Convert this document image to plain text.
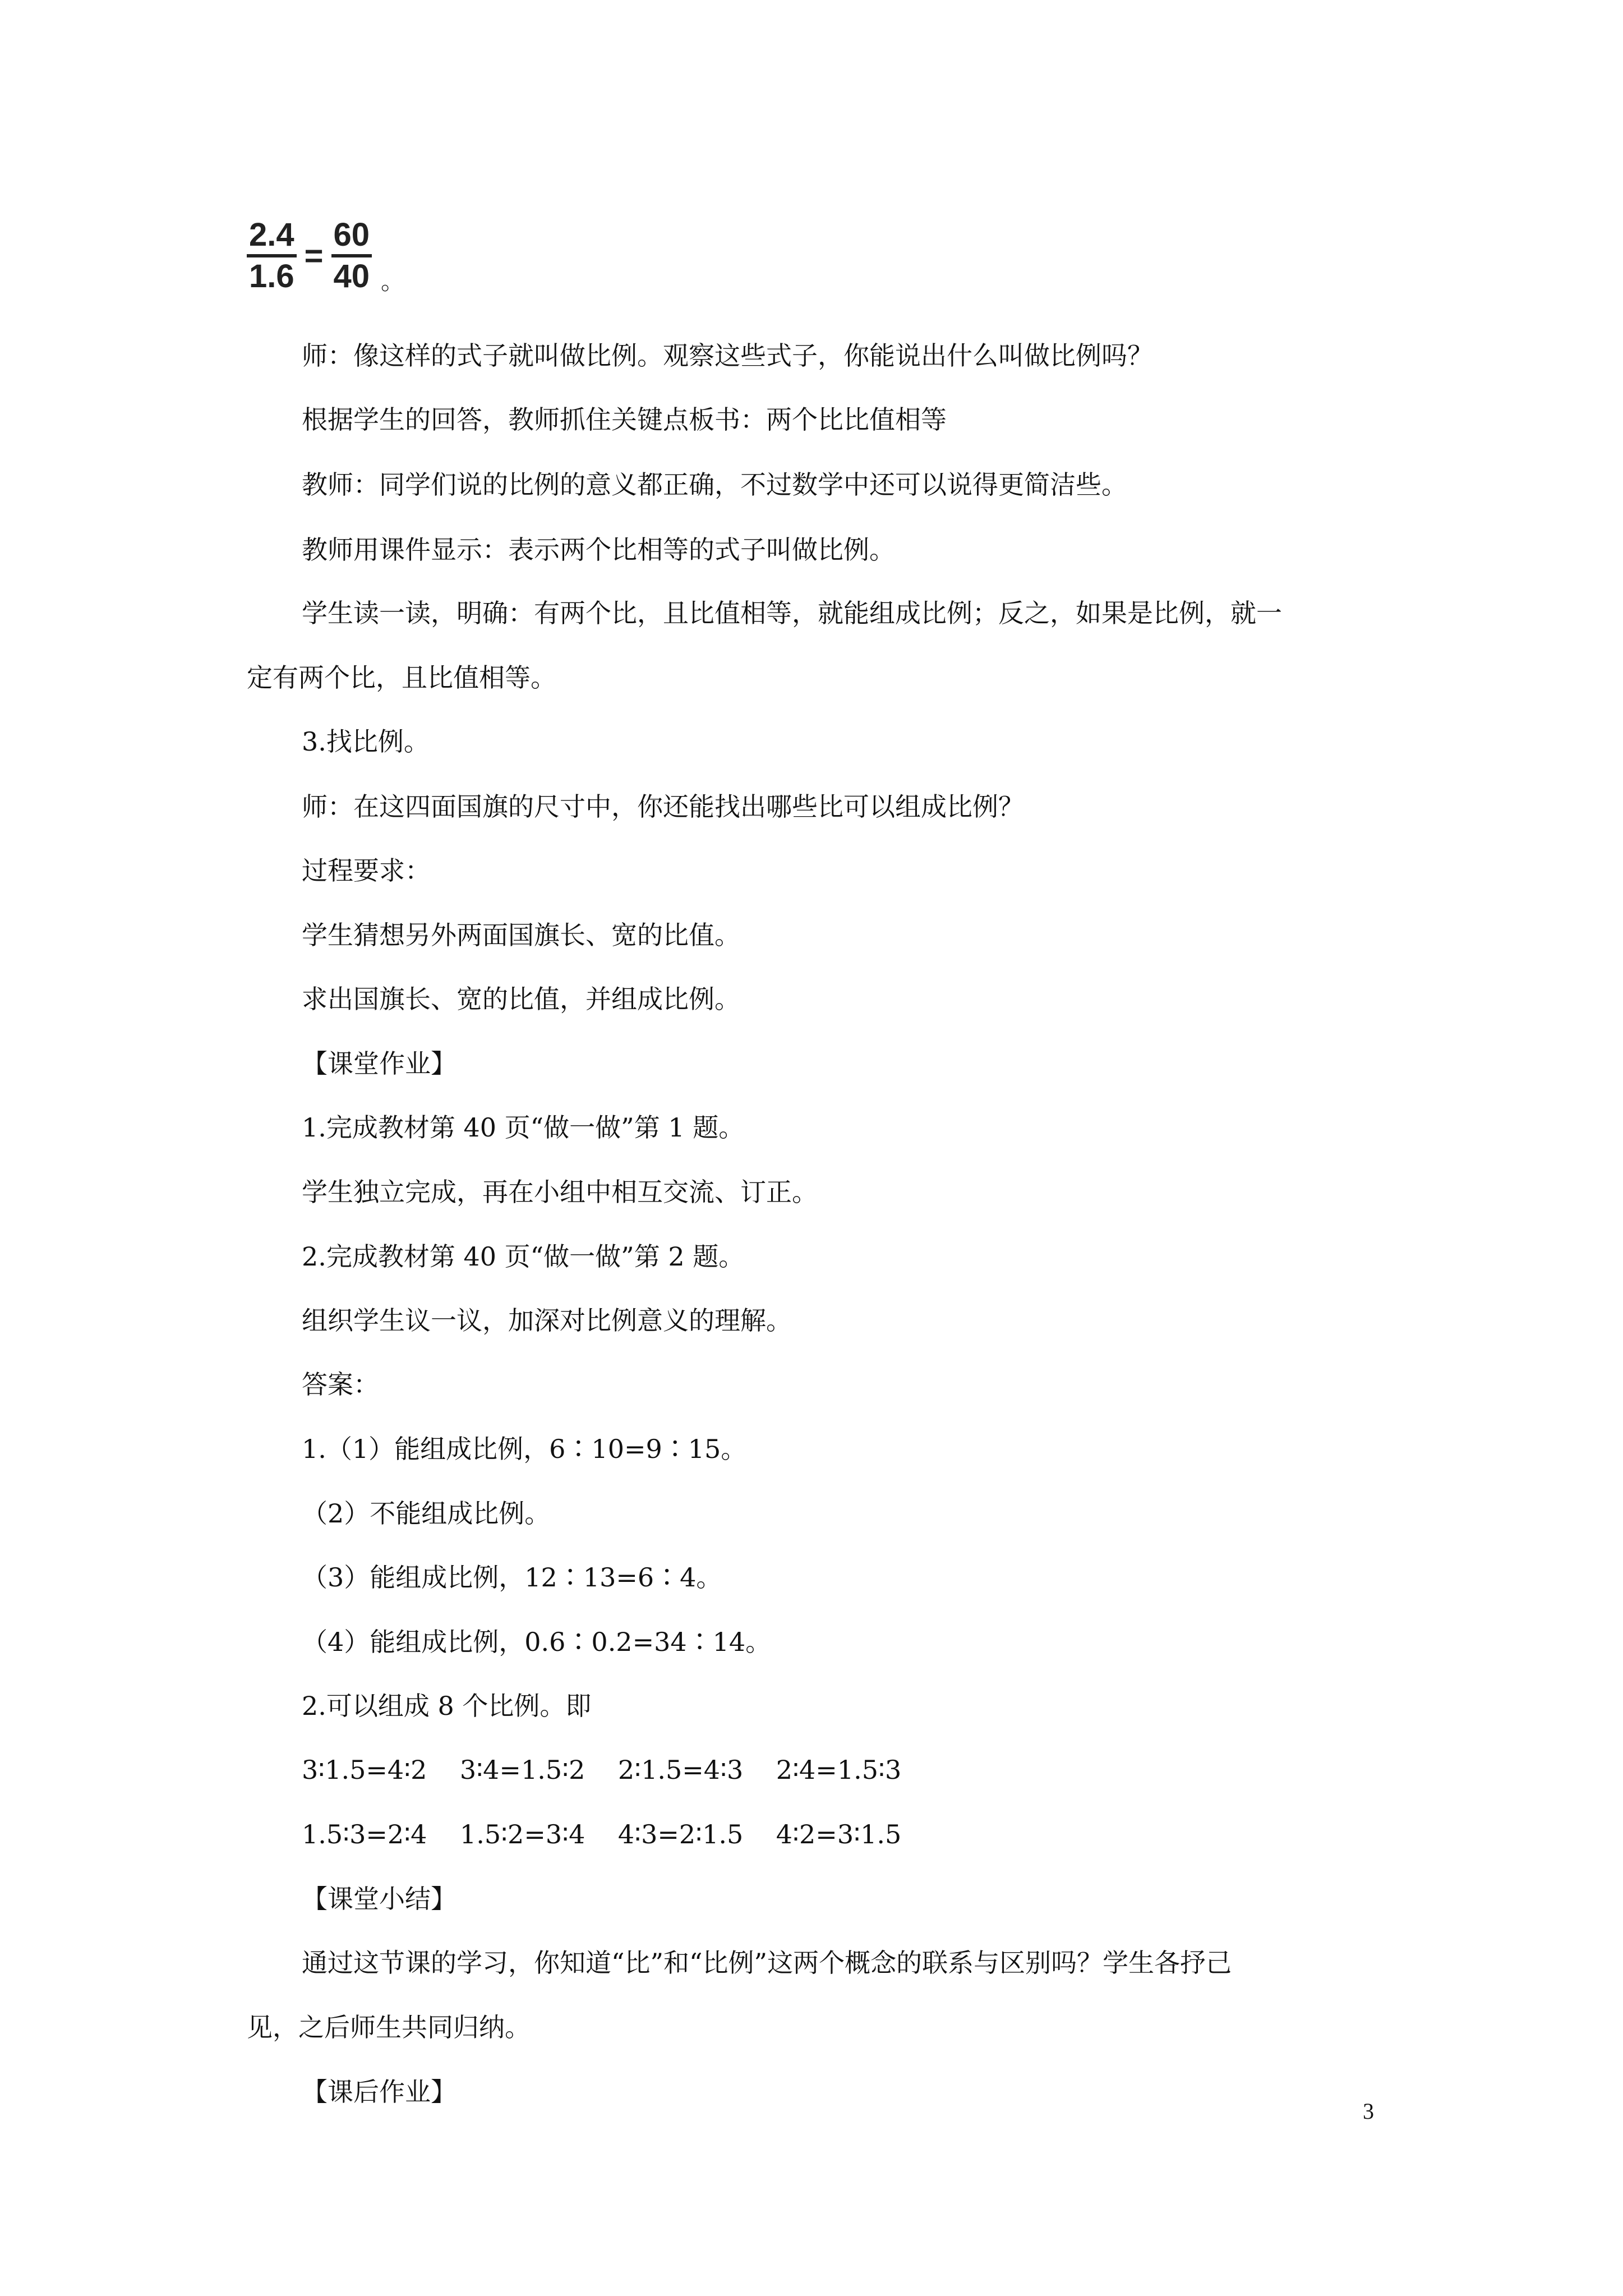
2.4
1.6
=
60
40 。
师：像这样的式子就叫做比例。观察这些式子，你能说出什么叫做比例吗？
根据学生的回答，教师抓住关键点板书：两个比比值相等
教师：同学们说的比例的意义都正确，不过数学中还可以说得更简洁些。
教师用课件显示：表示两个比相等的式子叫做比例。
学生读一读，明确：有两个比，且比值相等，就能组成比例；反之，如果是比例，就一
定有两个比，且比值相等。
3.找比例。
师：在这四面国旗的尺寸中，你还能找出哪些比可以组成比例？
过程要求：
学生猜想另外两面国旗长、宽的比值。
求出国旗长、宽的比值，并组成比例。
【课堂作业】
1.完成教材第 40 页“做一做”第 1 题。
学生独立完成，再在小组中相互交流、订正。
2.完成教材第 40 页“做一做”第 2 题。
组织学生议一议，加深对比例意义的理解。
答案：
1.（1）能组成比例，6∶10=9∶15。
（2）不能组成比例。
（3）能组成比例，12∶13=6∶4。
（4）能组成比例，0.6∶0.2=34∶14。
2.可以组成 8 个比例。即
3∶1.5=4∶2    3∶4=1.5∶2    2∶1.5=4∶3    2∶4=1.5∶3
1.5∶3=2∶4    1.5∶2=3∶4    4∶3=2∶1.5    4∶2=3∶1.5
【课堂小结】
通过这节课的学习，你知道“比”和“比例”这两个概念的联系与区别吗？学生各抒己
见，之后师生共同归纳。
【课后作业】
3
